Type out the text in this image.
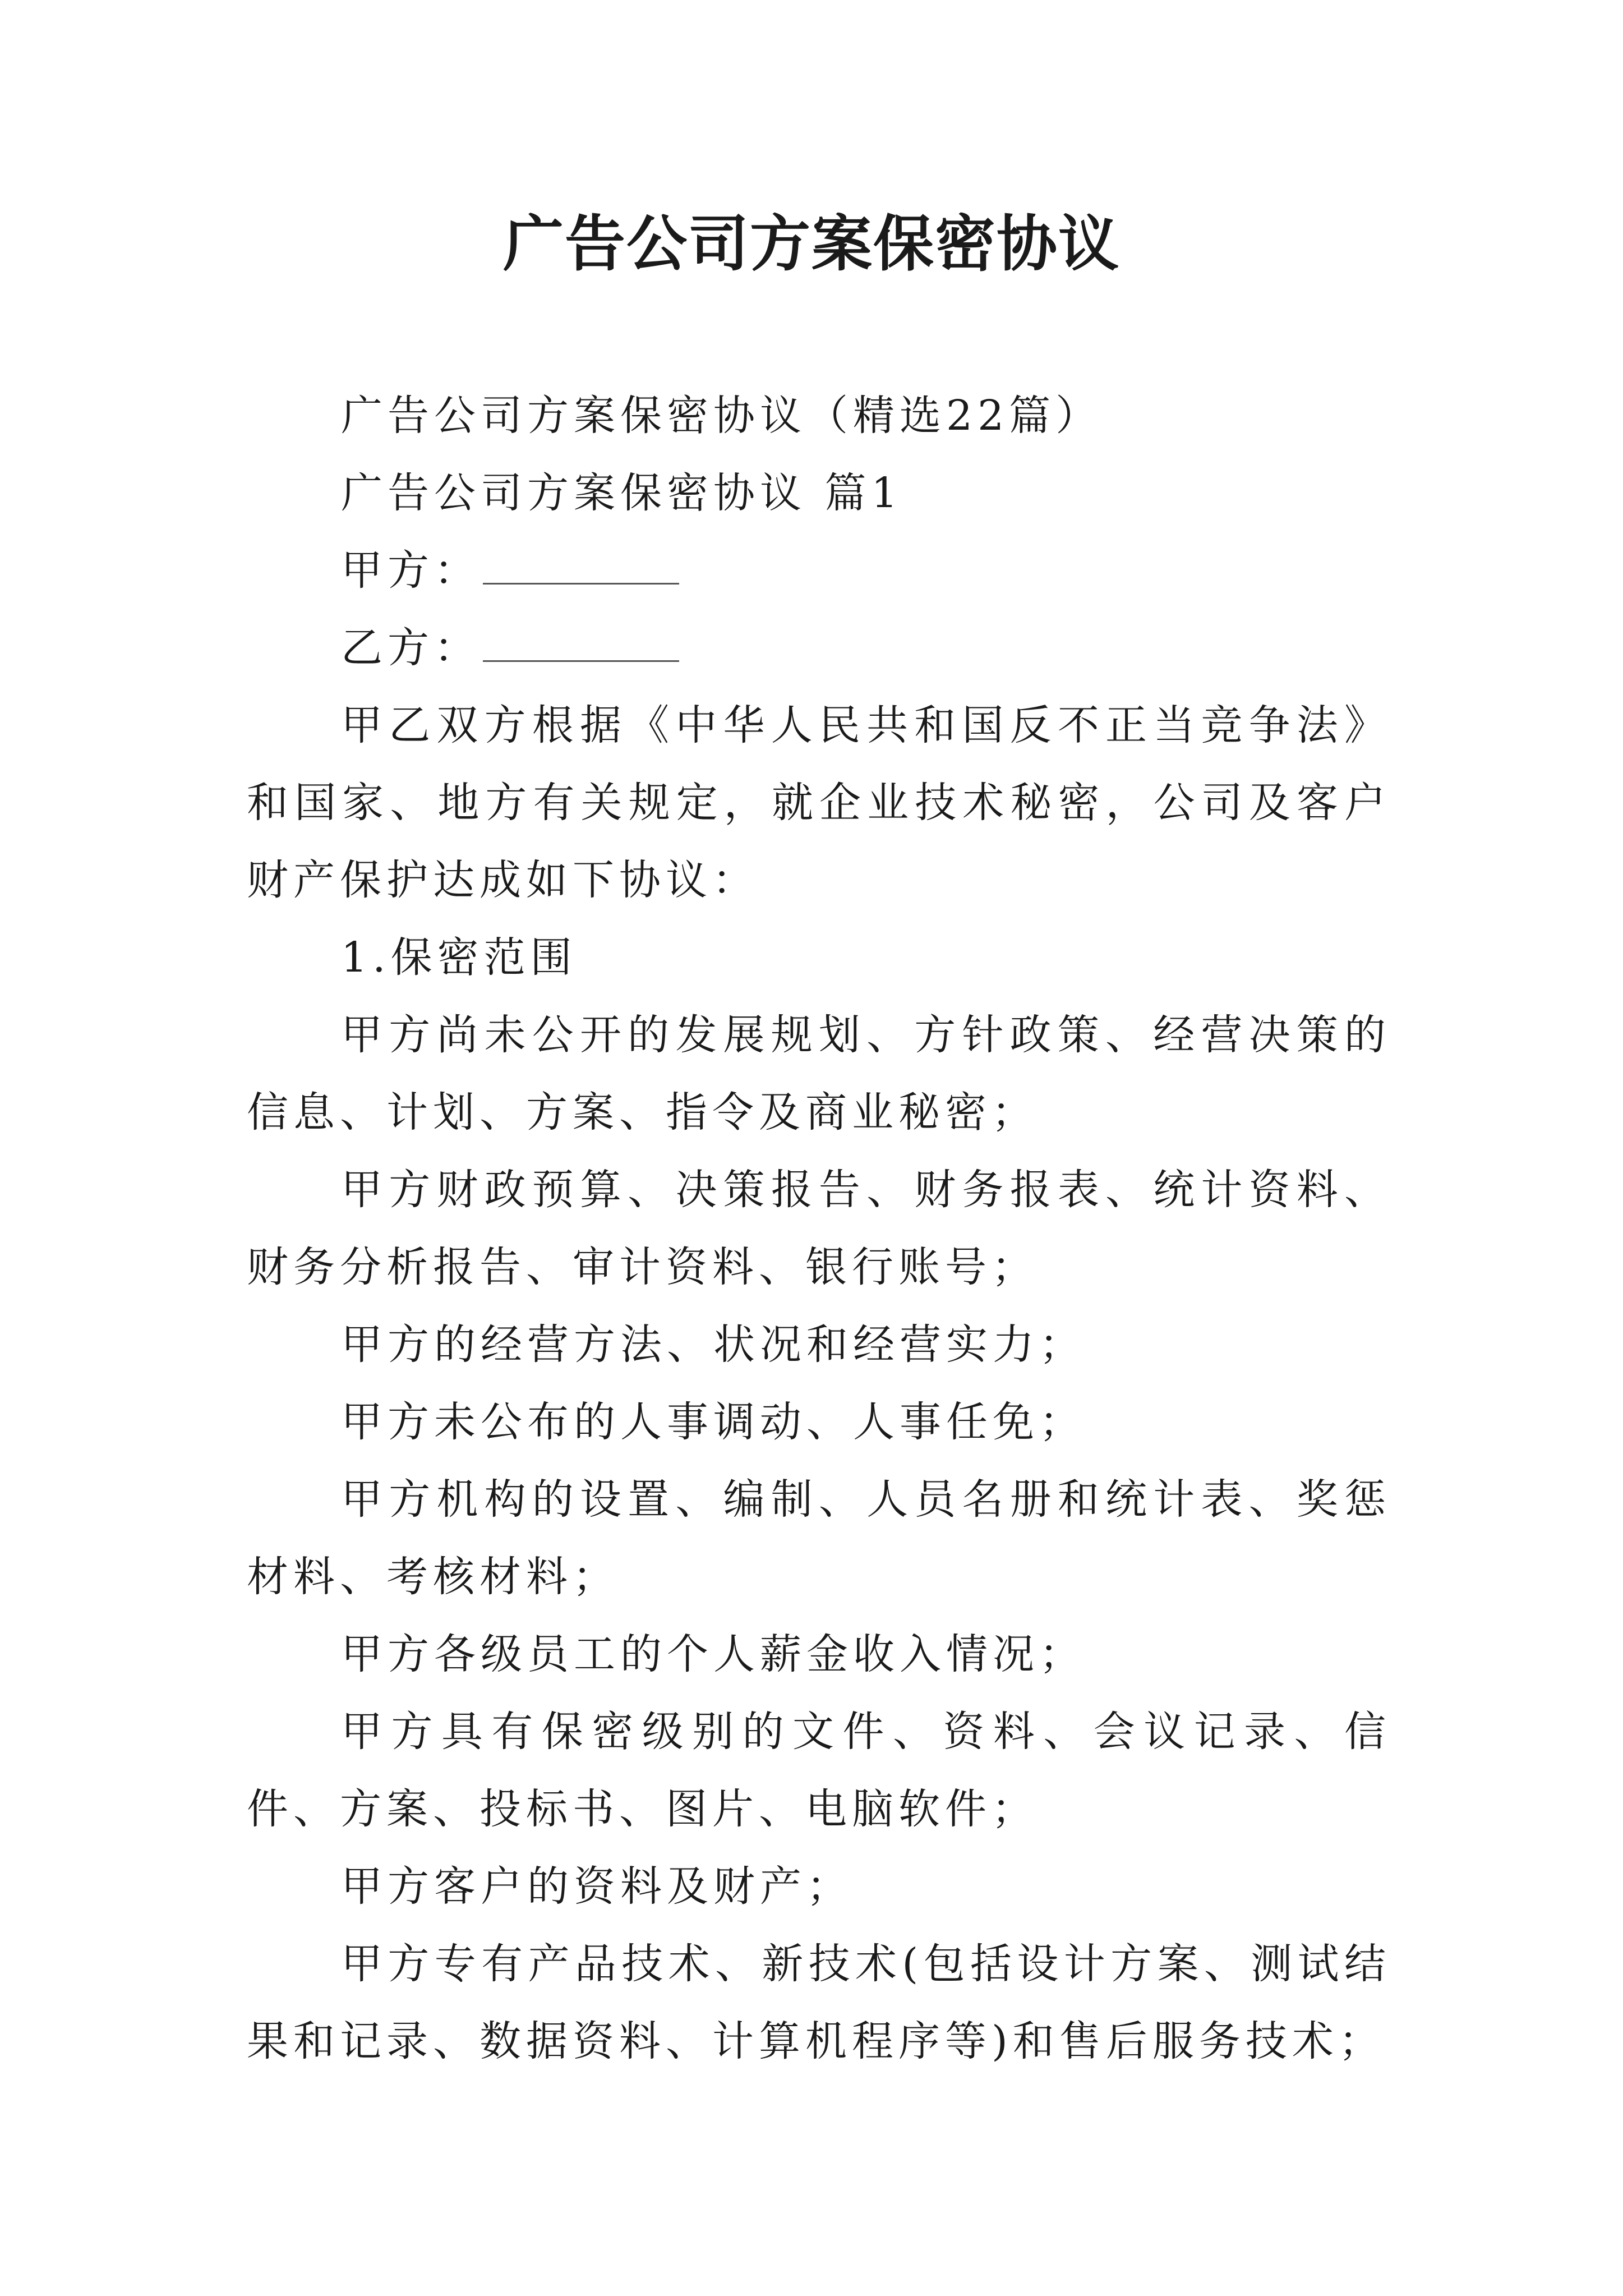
广告公司方案保密协议

广告公司方案保密协议（精选22篇）

广告公司方案保密协议 篇1

甲方：

乙方：

甲乙双方根据《中华人民共和国反不正当竞争法》和国家、地方有关规定，就企业技术秘密，公司及客户财产保护达成如下协议：

1.保密范围

甲方尚未公开的发展规划、方针政策、经营决策的信息、计划、方案、指令及商业秘密；

甲方财政预算、决策报告、财务报表、统计资料、财务分析报告、审计资料、银行账号；

甲方的经营方法、状况和经营实力；

甲方未公布的人事调动、人事任免；

甲方机构的设置、编制、人员名册和统计表、奖惩材料、考核材料；

甲方各级员工的个人薪金收入情况；

甲方具有保密级别的文件、资料、会议记录、信件、方案、投标书、图片、电脑软件；

甲方客户的资料及财产；

甲方专有产品技术、新技术(包括设计方案、测试结果和记录、数据资料、计算机程序等)和售后服务技术；
